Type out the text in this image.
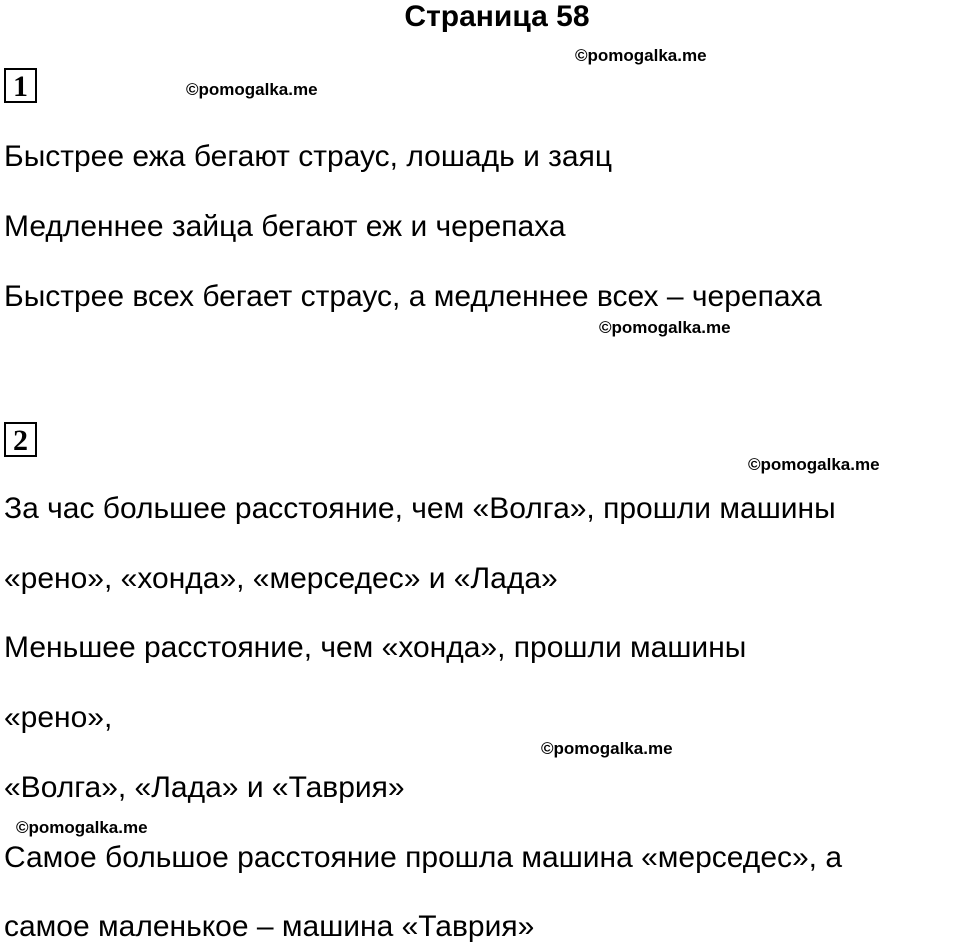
Страница 58
©pomogalka.me
©pomogalka.me
1
Быстрее ежа бегают страус, лошадь и заяц
Медленнее зайца бегают еж и черепаха
Быстрее всех бегает страус, а медленнее всех – черепаха
©pomogalka.me
2
©pomogalka.me
За час большее расстояние, чем «Волга», прошли машины
«рено», «хонда», «мерседес» и «Лада»
Меньшее расстояние, чем «хонда», прошли машины
«рено»,
©pomogalka.me
«Волга», «Лада» и «Таврия»
©pomogalka.me
Самое большое расстояние прошла машина «мерседес», а
самое маленькое – машина «Таврия»
